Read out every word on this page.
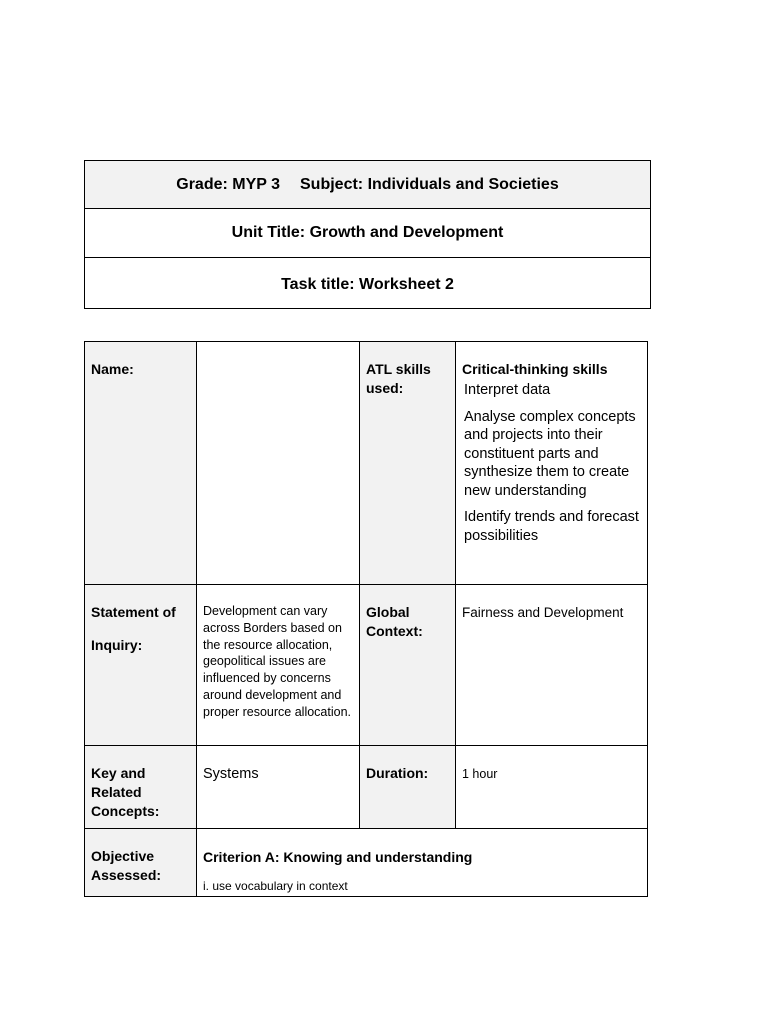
Grade: MYP 3 Subject: Individuals and Societies
Unit Title: Growth and Development
Task title: Worksheet 2
Name:		ATL skills used:	Critical-thinking skills
Interpret data
Analyse complex concepts and projects into their constituent parts and synthesize them to create new understanding
Identify trends and forecast possibilities

Statement of
Inquiry:	Development can vary across Borders based on the resource allocation, geopolitical issues are influenced by concerns around development and proper resource allocation.	Global Context:	Fairness and Development

Key and Related Concepts:	Systems	Duration:	1 hour

Objective Assessed:	Criterion A: Knowing and understanding
i. use vocabulary in context		
